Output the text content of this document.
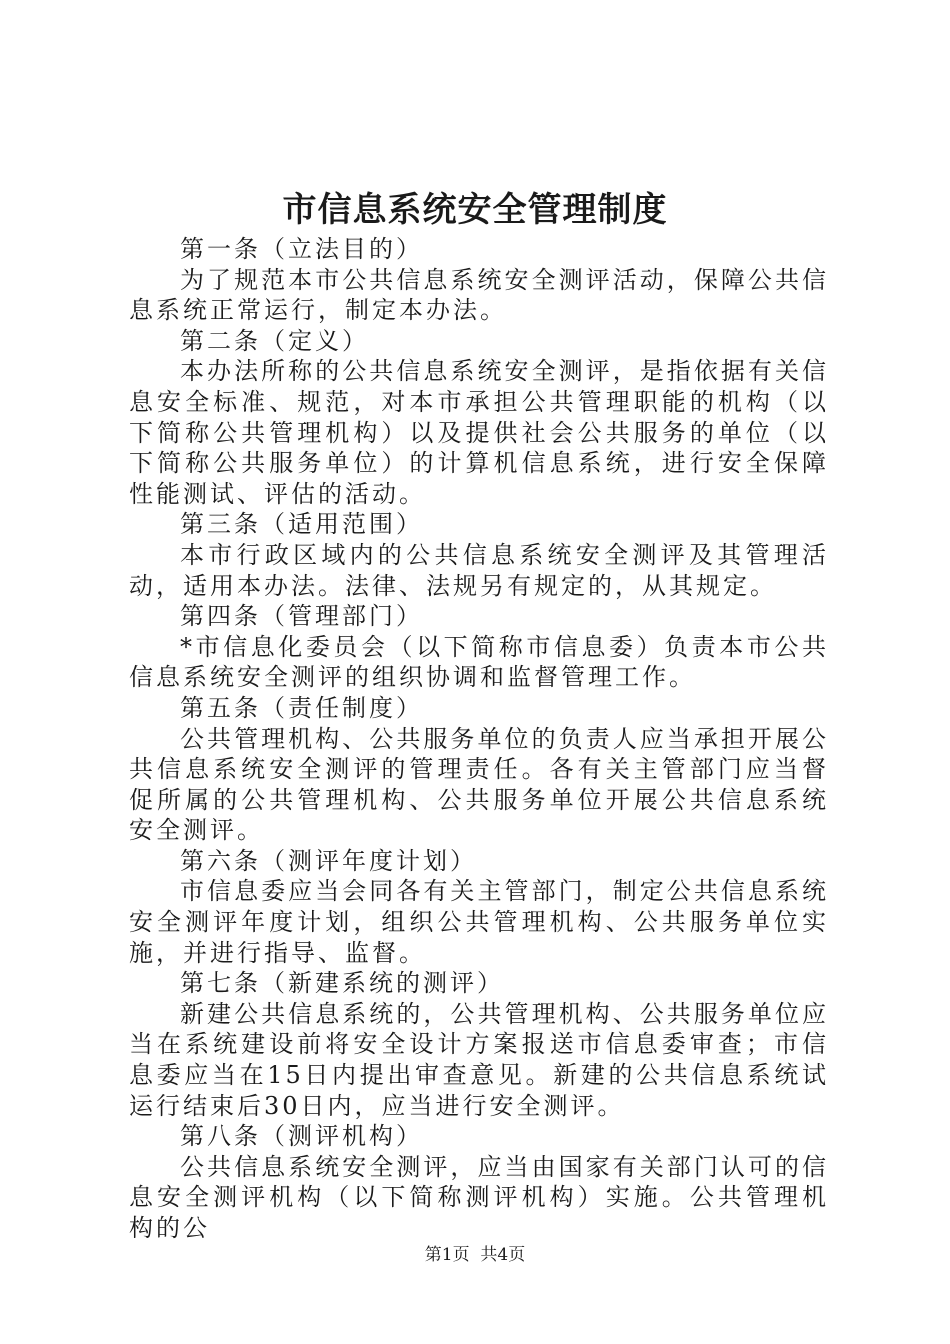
市信息系统安全管理制度

第一条（立法目的）

为了规范本市公共信息系统安全测评活动，保障公共信息系统正常运行，制定本办法。

第二条（定义）

本办法所称的公共信息系统安全测评，是指依据有关信息安全标准、规范，对本市承担公共管理职能的机构（以下简称公共管理机构）以及提供社会公共服务的单位（以下简称公共服务单位）的计算机信息系统，进行安全保障性能测试、评估的活动。

第三条（适用范围）

本市行政区域内的公共信息系统安全测评及其管理活动，适用本办法。法律、法规另有规定的，从其规定。

第四条（管理部门）

*市信息化委员会（以下简称市信息委）负责本市公共信息系统安全测评的组织协调和监督管理工作。

第五条（责任制度）

公共管理机构、公共服务单位的负责人应当承担开展公共信息系统安全测评的管理责任。各有关主管部门应当督促所属的公共管理机构、公共服务单位开展公共信息系统安全测评。

第六条（测评年度计划）

市信息委应当会同各有关主管部门，制定公共信息系统安全测评年度计划，组织公共管理机构、公共服务单位实施，并进行指导、监督。

第七条（新建系统的测评）

新建公共信息系统的，公共管理机构、公共服务单位应当在系统建设前将安全设计方案报送市信息委审查；市信息委应当在15日内提出审查意见。新建的公共信息系统试运行结束后30日内，应当进行安全测评。

第八条（测评机构）

公共信息系统安全测评，应当由国家有关部门认可的信息安全测评机构（以下简称测评机构）实施。公共管理机构的公

第1页  共4页
